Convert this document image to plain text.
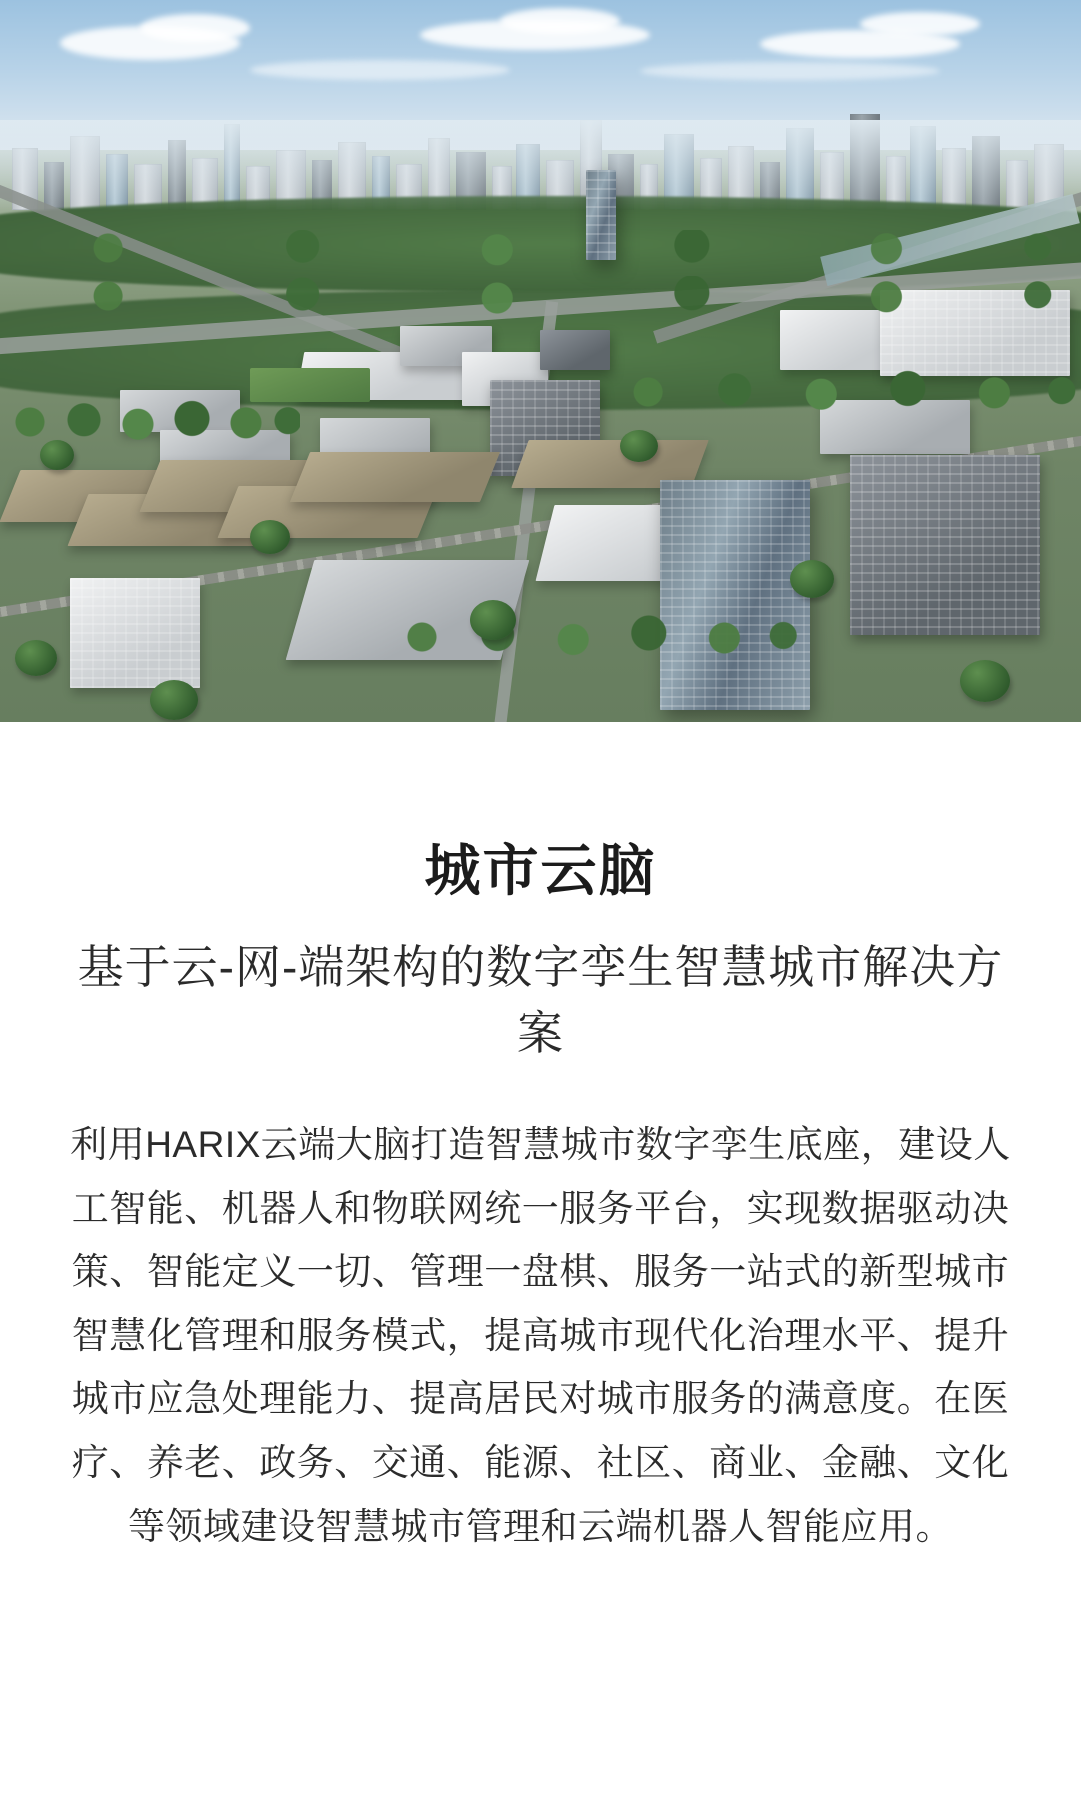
城市云脑
基于云-网-端架构的数字孪生智慧城市解决方案

利用HARIX云端大脑打造智慧城市数字孪生底座，建设人工智能、机器人和物联网统一服务平台，实现数据驱动决策、智能定义一切、管理一盘棋、服务一站式的新型城市智慧化管理和服务模式，提高城市现代化治理水平、提升城市应急处理能力、提高居民对城市服务的满意度。在医疗、养老、政务、交通、能源、社区、商业、金融、文化等领域建设智慧城市管理和云端机器人智能应用。
